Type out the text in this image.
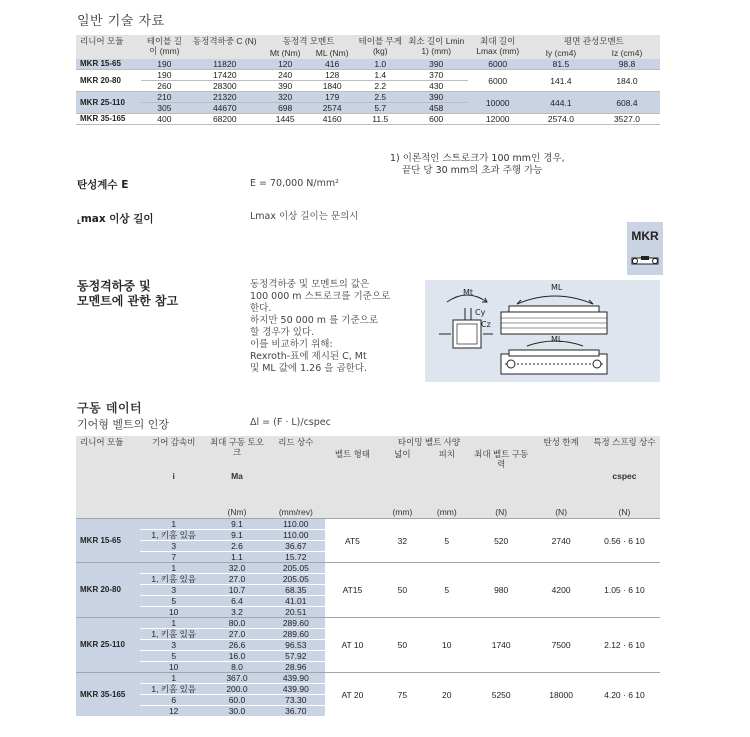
일반 기술 자료
리니어 모듈	테이블 길이 (mm)	동정격하중 C (N)	동정격 모멘트		테이블 무게 (kg)	최소 길이 Lmin 1) (mm)	최대 길이 Lmax (mm)	평면 관성모멘트	
			Mt (Nm)	ML (Nm)				Iy (cm4)	Iz (cm4)
MKR 15-65	190	11820	120	416	1.0	390	6000	81.5	98.8
MKR 20-80	190	17420	240	128	1.4	370	6000	141.4	184.0
	260	28300	390	1840	2.2	430			
MKR 25-110	210	21320	320	179	2.5	390	10000	444.1	608.4
	305	44670	698	2574	5.7	458			
MKR 35-165	400	68200	1445	4160	11.5	600	12000	2574.0	3527.0
1) 이론적인 스트로크가 100 mm인 경우,
끝단 당 30 mm의 초과 주행 가능
탄성계수 E	E = 70,000 N/mm²
Lmax 이상 길이	Lmax 이상 길이는 문의시
MKR
동정격하중 및
모멘트에 관한 참고
동정격하중 및 모멘트의 값은
100 000 m 스트로크를 기준으로
한다.
하지만 50 000 m 를 기준으로
할 경우가 있다.
이를 비교하기 위해:
Rexroth-표에 제시된 C, Mt
및 ML 값에 1.26 을 곱한다.
Mt
Cy
Cz
ML
ML
구동 데이터
기어형 벨트의 인장	Δl = (F · L)/cspec
리니어 모듈	기어 감속비	최대 구동 토오크	리드 상수	타이밍 벨트 사양				탄성 한계	특정 스프링 상수
				벨트 형태	넓이	피치	최대 벨트 구동력		
	i	Ma							cspec
		(Nm)	(mm/rev)		(mm)	(mm)	(N)	(N)	(N)
MKR 15-65	1	9.1	110.00	AT5	32	5	520	2740	0.56 · 6 10
	1, 키홈 있음	9.1	110.00						
	3	2.6	36.67						
	7	1.1	15.72						
MKR 20-80	1	32.0	205.05	AT15	50	5	980	4200	1.05 · 6 10
	1, 키홈 있음	27.0	205.05						
	3	10.7	68.35						
	5	6.4	41.01						
	10	3.2	20.51						
MKR 25-110	1	80.0	289.60	AT 10	50	10	1740	7500	2.12 · 6 10
	1, 키홈 있음	27.0	289.60						
	3	26.6	96.53						
	5	16.0	57.92						
	10	8.0	28.96						
MKR 35-165	1	367.0	439.90	AT 20	75	20	5250	18000	4.20 · 6 10
	1, 키홈 있음	200.0	439.90						
	6	60.0	73.30						
	12	30.0	36.70						
